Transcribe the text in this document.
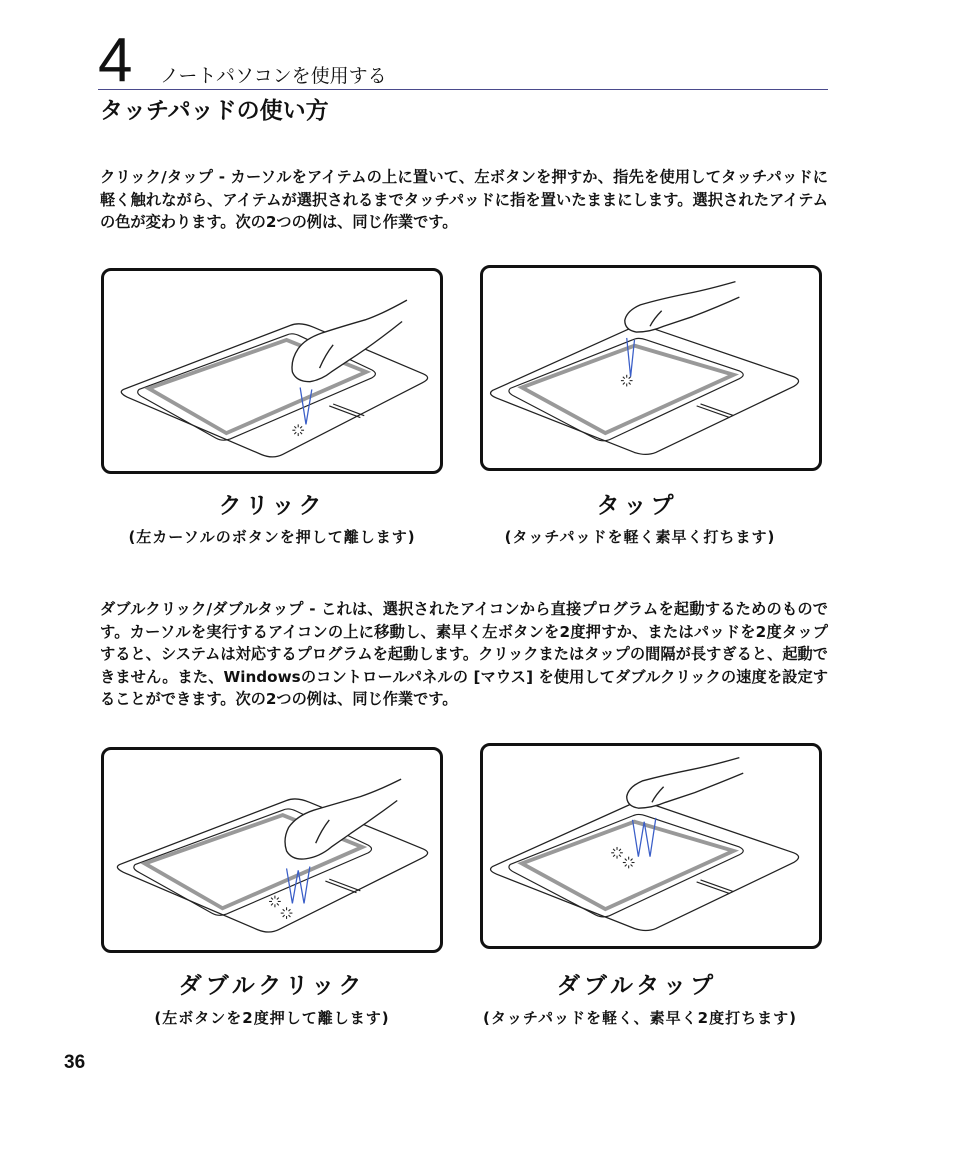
4 ノートパソコンを使用する
タッチパッドの使い方

クリック/タップ - カーソルをアイテムの上に置いて、左ボタンを押すか、指先を使用してタッチパッドに軽く触れながら、アイテムが選択されるまでタッチパッドに指を置いたままにします。選択されたアイテムの色が変わります。次の2つの例は、同じ作業です。

クリック
(左カーソルのボタンを押して離します)
タップ
(タッチパッドを軽く素早く打ちます)

ダブルクリック/ダブルタップ - これは、選択されたアイコンから直接プログラムを起動するためのものです。カーソルを実行するアイコンの上に移動し、素早く左ボタンを2度押すか、またはパッドを2度タップすると、システムは対応するプログラムを起動します。クリックまたはタップの間隔が長すぎると、起動できません。また、Windowsのコントロールパネルの [マウス] を使用してダブルクリックの速度を設定することができます。次の2つの例は、同じ作業です。

ダブルクリック
(左ボタンを2度押して離します)
ダブルタップ
(タッチパッドを軽く、素早く2度打ちます)
36
